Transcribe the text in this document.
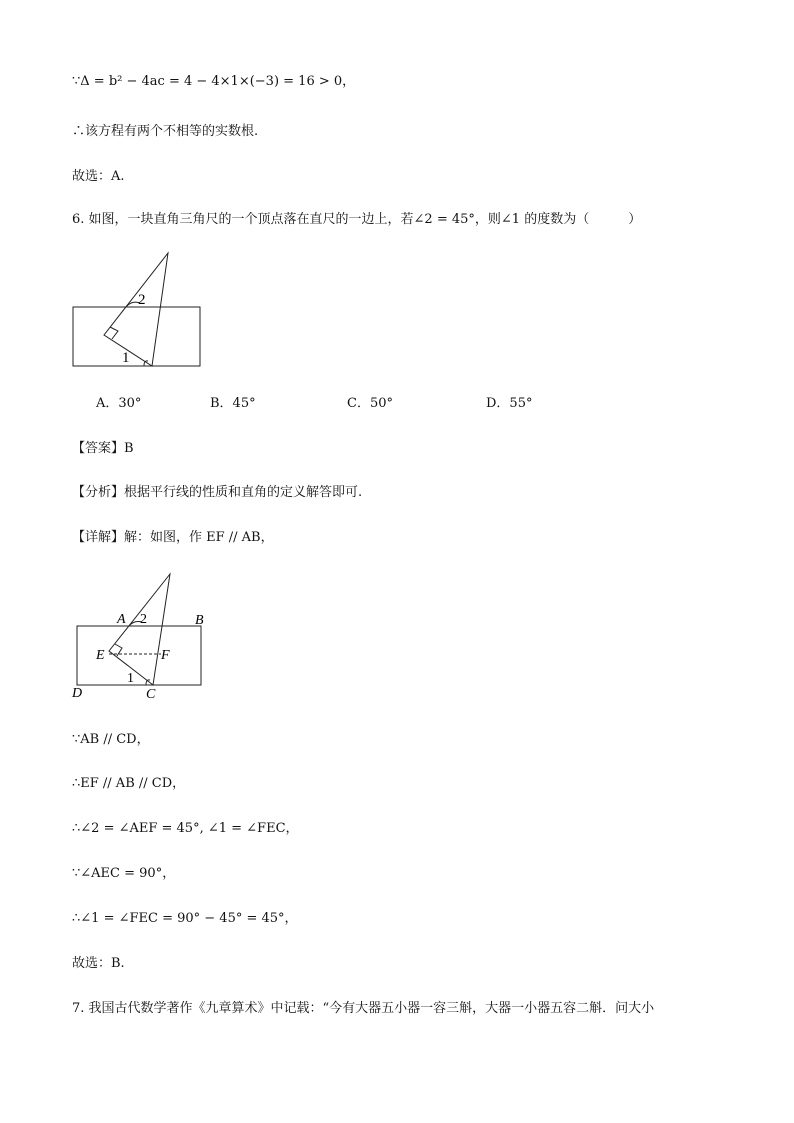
∵Δ = b² − 4ac = 4 − 4×1×(−3) = 16 > 0，
∴该方程有两个不相等的实数根.
故选：A.
6. 如图，一块直角三角尺的一个顶点落在直尺的一边上，若∠2 = 45°，则∠1 的度数为（　　　）
2
1
A．30°	B．45°	C．50°	D．55°
【答案】B
【分析】根据平行线的性质和直角的定义解答即可.
【详解】解：如图，作 EF // AB，
A 2	B
E	F
1
D	C
∵AB // CD，
∴EF // AB // CD，
∴∠2 = ∠AEF = 45°, ∠1 = ∠FEC，
∵∠AEC = 90°，
∴∠1 = ∠FEC = 90° − 45° = 45°，
故选：B.
7. 我国古代数学著作《九章算术》中记载：“今有大器五小器一容三斛，大器一小器五容二斛．问大小
